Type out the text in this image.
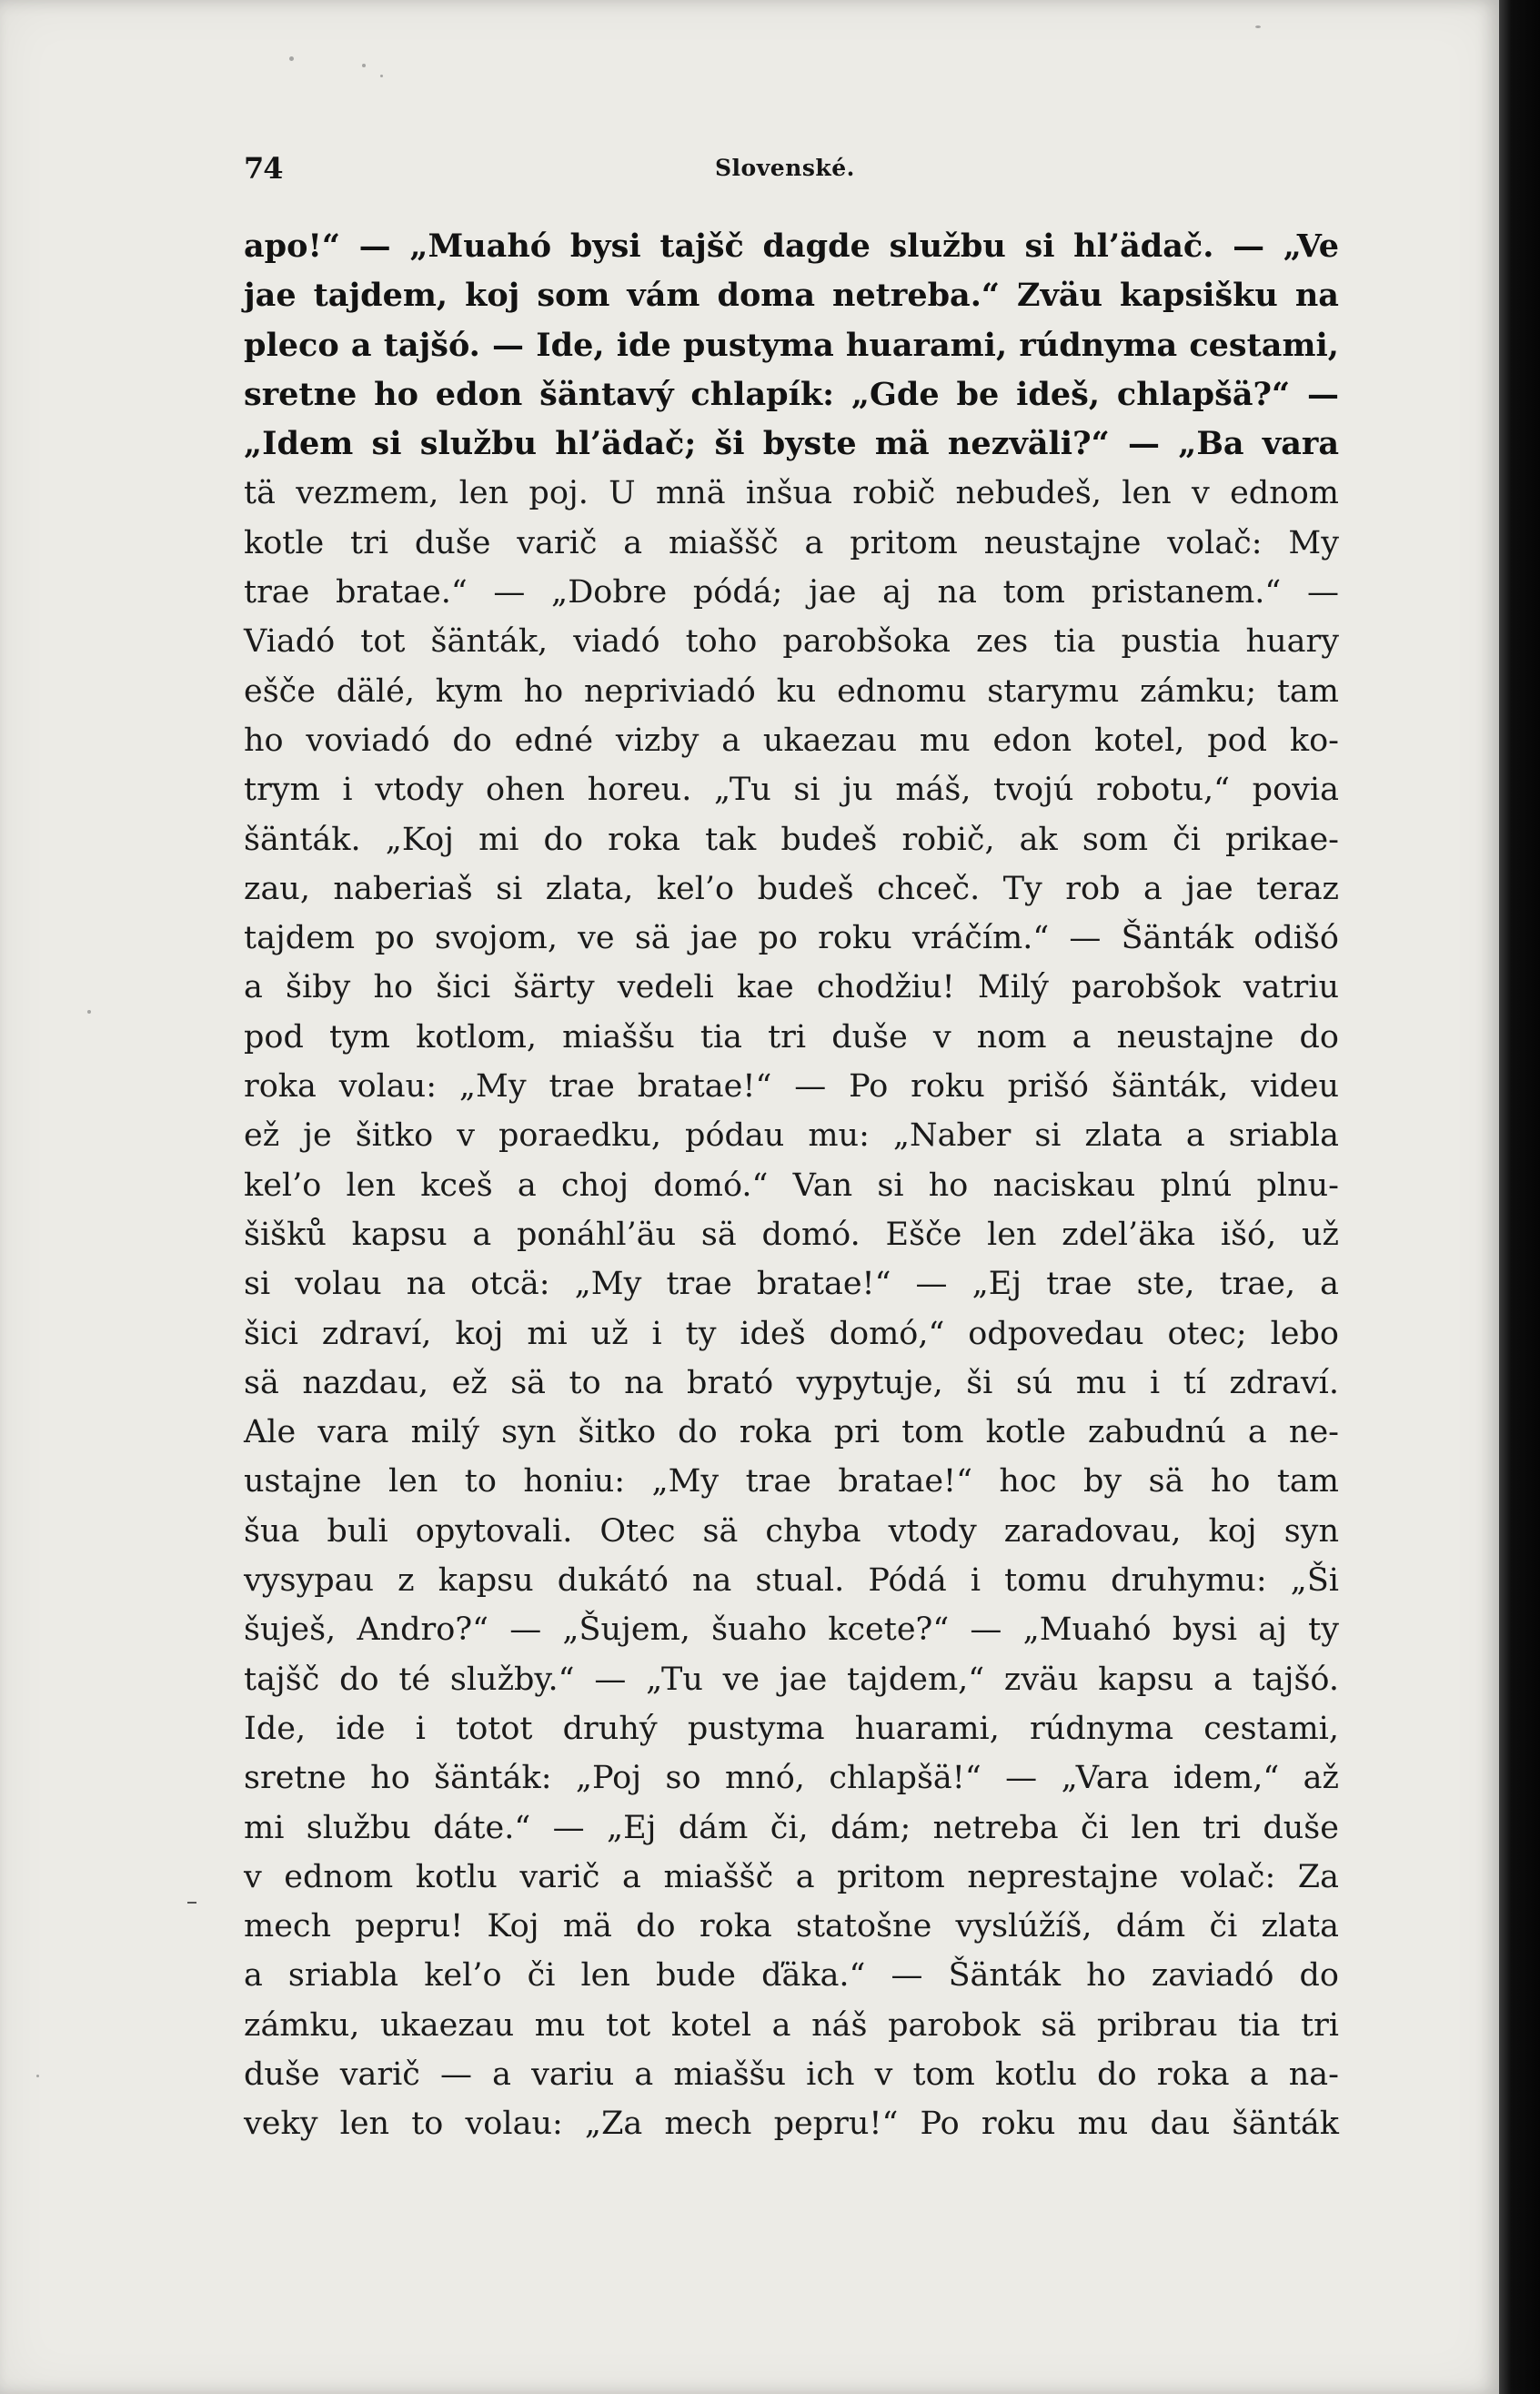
74	Slovenské.
apo!“ — „Muahó bysi tajšč dagde službu si hl’ädač. — „Ve
jae tajdem, koj som vám doma netreba.“ Zväu kapsišku na
pleco a tajšó. — Ide, ide pustyma huarami, rúdnyma cestami,
sretne ho edon šäntavý chlapík: „Gde be ideš, chlapšä?“ —
„Idem si službu hl’ädač; ši byste mä nezväli?“ — „Ba vara
tä vezmem, len poj. U mnä inšua robič nebudeš, len v ednom
kotle tri duše varič a miaššč a pritom neustajne volač: My
trae bratae.“ — „Dobre pódá; jae aj na tom pristanem.“ —
Viadó tot šänták, viadó toho parobšoka zes tia pustia huary
ešče dälé, kym ho nepriviadó ku ednomu starymu zámku; tam
ho voviadó do edné vizby a ukaezau mu edon kotel, pod ko-
trym i vtody ohen horeu. „Tu si ju máš, tvojú robotu,“ povia
šänták. „Koj mi do roka tak budeš robič, ak som či prikae-
zau, naberiaš si zlata, kel’o budeš chceč. Ty rob a jae teraz
tajdem po svojom, ve sä jae po roku vráčím.“ — Šänták odišó
a šiby ho šici šärty vedeli kae chodžiu! Milý parobšok vatriu
pod tym kotlom, miaššu tia tri duše v nom a neustajne do
roka volau: „My trae bratae!“ — Po roku prišó šänták, videu
ež je šitko v poraedku, pódau mu: „Naber si zlata a sriabla
kel’o len kceš a choj domó.“ Van si ho naciskau plnú plnu-
šišků kapsu a ponáhl’äu sä domó. Ešče len zdel’äka išó, už
si volau na otcä: „My trae bratae!“ — „Ej trae ste, trae, a
šici zdraví, koj mi už i ty ideš domó,“ odpovedau otec; lebo
sä nazdau, ež sä to na brató vypytuje, ši sú mu i tí zdraví.
Ale vara milý syn šitko do roka pri tom kotle zabudnú a ne-
ustajne len to honiu: „My trae bratae!“ hoc by sä ho tam
šua buli opytovali. Otec sä chyba vtody zaradovau, koj syn
vysypau z kapsu dukátó na stual. Pódá i tomu druhymu: „Ši
šuješ, Andro?“ — „Šujem, šuaho kcete?“ — „Muahó bysi aj ty
tajšč do té služby.“ — „Tu ve jae tajdem,“ zväu kapsu a tajšó.
Ide, ide i totot druhý pustyma huarami, rúdnyma cestami,
sretne ho šänták: „Poj so mnó, chlapšä!“ — „Vara idem,“ až
mi službu dáte.“ — „Ej dám či, dám; netreba či len tri duše
v ednom kotlu varič a miaššč a pritom neprestajne volač: Za
mech pepru! Koj mä do roka statošne vyslúžíš, dám či zlata
a sriabla kel’o či len bude ďäka.“ — Šänták ho zaviadó do
zámku, ukaezau mu tot kotel a náš parobok sä pribrau tia tri
duše varič — a variu a miaššu ich v tom kotlu do roka a na-
veky len to volau: „Za mech pepru!“ Po roku mu dau šänták
